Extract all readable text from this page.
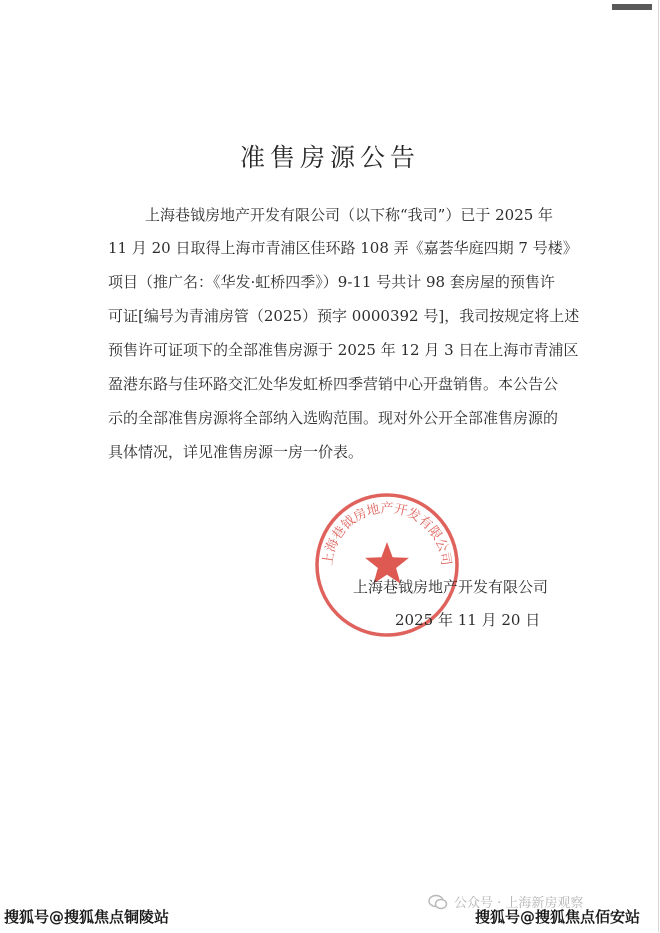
准售房源公告
上海巷钺房地产开发有限公司（以下称“我司”）已于 2025 年
11 月 20 日取得上海市青浦区佳环路 108 弄《嘉荟华庭四期 7 号楼》
项目（推广名：《华发·虹桥四季》）9-11 号共计 98 套房屋的预售许
可证[编号为青浦房管（2025）预字 0000392 号]，我司按规定将上述
预售许可证项下的全部准售房源于 2025 年 12 月 3 日在上海市青浦区
盈港东路与佳环路交汇处华发虹桥四季营销中心开盘销售。本公告公
示的全部准售房源将全部纳入选购范围。现对外公开全部准售房源的
具体情况，详见准售房源一房一价表。
上海巷钺房地产开发有限公司
上海巷钺房地产开发有限公司
2025 年 11 月 20 日
公众号 · 上海新房观察
搜狐号@搜狐焦点铜陵站	搜狐号@搜狐焦点佰安站
